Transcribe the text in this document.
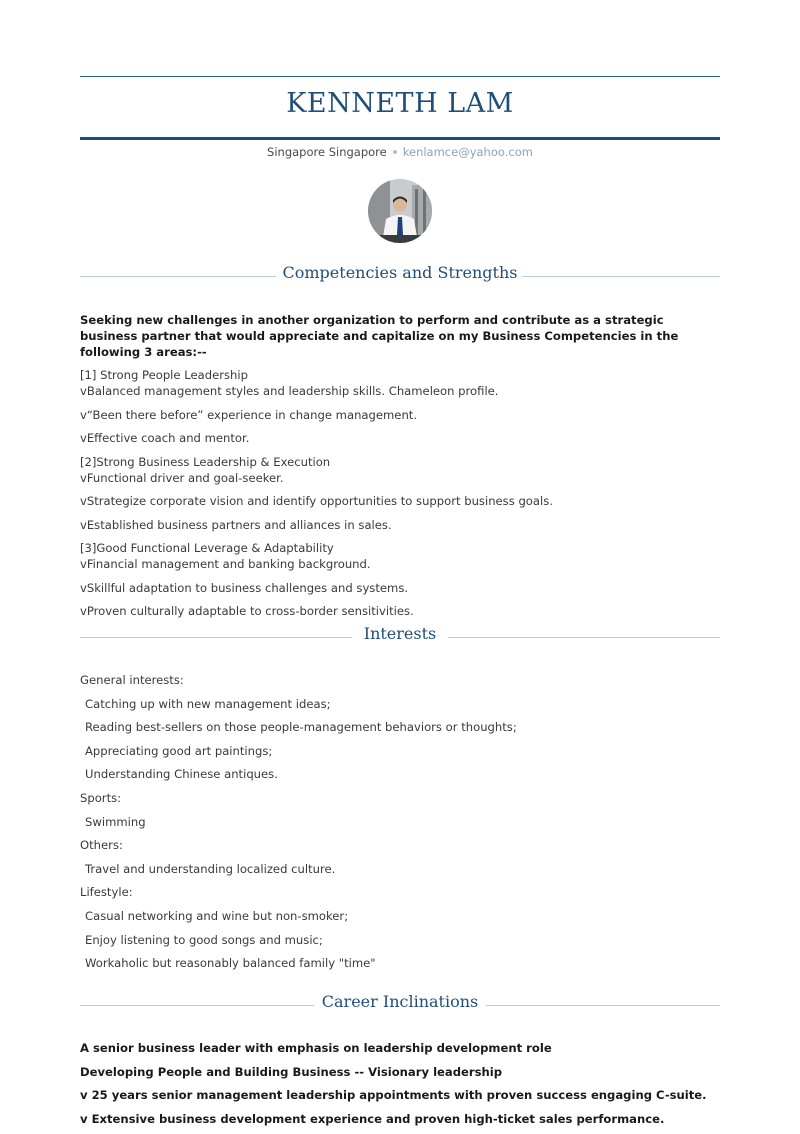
KENNETH LAM
Singapore Singapore kenlamce@yahoo.com
Competencies and Strengths

Seeking new challenges in another organization to perform and contribute as a strategic business partner that would appreciate and capitalize on my Business Competencies in the following 3 areas:--

[1] Strong People Leadership
vBalanced management styles and leadership skills. Chameleon profile.
v“Been there before” experience in change management.
vEffective coach and mentor.
[2]Strong Business Leadership & Execution
vFunctional driver and goal-seeker.
vStrategize corporate vision and identify opportunities to support business goals.
vEstablished business partners and alliances in sales.
[3]Good Functional Leverage & Adaptability
vFinancial management and banking background.
vSkillful adaptation to business challenges and systems.
vProven culturally adaptable to cross-border sensitivities.
Interests
General interests:
Catching up with new management ideas;
Reading best-sellers on those people-management behaviors or thoughts;
Appreciating good art paintings;
Understanding Chinese antiques.
Sports:
Swimming
Others:
Travel and understanding localized culture.
Lifestyle:
Casual networking and wine but non-smoker;
Enjoy listening to good songs and music;
Workaholic but reasonably balanced family "time"
Career Inclinations
A senior business leader with emphasis on leadership development role
Developing People and Building Business -- Visionary leadership
v 25 years senior management leadership appointments with proven success engaging C-suite.
v Extensive business development experience and proven high-ticket sales performance.
